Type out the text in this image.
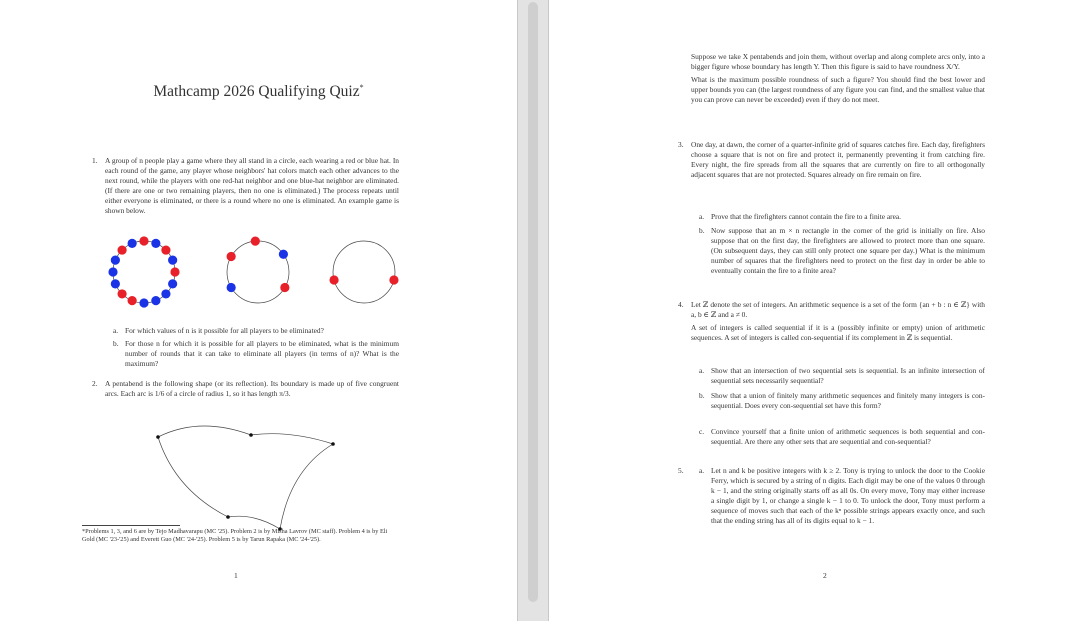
Mathcamp 2026 Qualifying Quiz*
1. A group of n people play a game where they all stand in a circle, each wearing a red or blue hat. In each round of the game, any player whose neighbors' hat colors match each other advances to the next round, while the players with one red-hat neighbor and one blue-hat neighbor are eliminated. (If there are one or two remaining players, then no one is eliminated.) The process repeats until either everyone is eliminated, or there is a round where no one is eliminated. An example game is shown below.
a. For which values of n is it possible for all players to be eliminated?
b. For those n for which it is possible for all players to be eliminated, what is the minimum number of rounds that it can take to eliminate all players (in terms of n)? What is the maximum?
2. A pentabend is the following shape (or its reflection). Its boundary is made up of five congruent arcs. Each arc is 1/6 of a circle of radius 1, so it has length π/3.
*Problems 1, 3, and 6 are by Tejo Madhavarapu (MC '25). Problem 2 is by Misha Lavrov (MC staff). Problem 4 is by Eli Gold (MC '23-'25) and Everett Guo (MC '24-'25). Problem 5 is by Tarun Rapaka (MC '24-'25).
1

Suppose we take X pentabends and join them, without overlap and along complete arcs only, into a bigger figure whose boundary has length Y. Then this figure is said to have roundness X/Y.

What is the maximum possible roundness of such a figure? You should find the best lower and upper bounds you can (the largest roundness of any figure you can find, and the smallest value that you can prove can never be exceeded) even if they do not meet.

3. One day, at dawn, the corner of a quarter-infinite grid of squares catches fire. Each day, firefighters choose a square that is not on fire and protect it, permanently preventing it from catching fire. Every night, the fire spreads from all the squares that are currently on fire to all orthogonally adjacent squares that are not protected. Squares already on fire remain on fire.
a. Prove that the firefighters cannot contain the fire to a finite area.
b. Now suppose that an m × n rectangle in the corner of the grid is initially on fire. Also suppose that on the first day, the firefighters are allowed to protect more than one square. (On subsequent days, they can still only protect one square per day.) What is the minimum number of squares that the firefighters need to protect on the first day in order be able to eventually contain the fire to a finite area?
4. Let ℤ denote the set of integers. An arithmetic sequence is a set of the form {an + b : n ∈ ℤ} with a, b ∈ ℤ and a ≠ 0.

A set of integers is called sequential if it is a (possibly infinite or empty) union of arithmetic sequences. A set of integers is called con-sequential if its complement in ℤ is sequential.

a. Show that an intersection of two sequential sets is sequential. Is an infinite intersection of sequential sets necessarily sequential?
b. Show that a union of finitely many arithmetic sequences and finitely many integers is con-sequential. Does every con-sequential set have this form?
c. Convince yourself that a finite union of arithmetic sequences is both sequential and con-sequential. Are there any other sets that are sequential and con-sequential?
5. a. Let n and k be positive integers with k ≥ 2. Tony is trying to unlock the door to the Cookie Ferry, which is secured by a string of n digits. Each digit may be one of the values 0 through k − 1, and the string originally starts off as all 0s. On every move, Tony may either increase a single digit by 1, or change a single k − 1 to 0. To unlock the door, Tony must perform a sequence of moves such that each of the kⁿ possible strings appears exactly once, and such that the ending string has all of its digits equal to k − 1.
2
